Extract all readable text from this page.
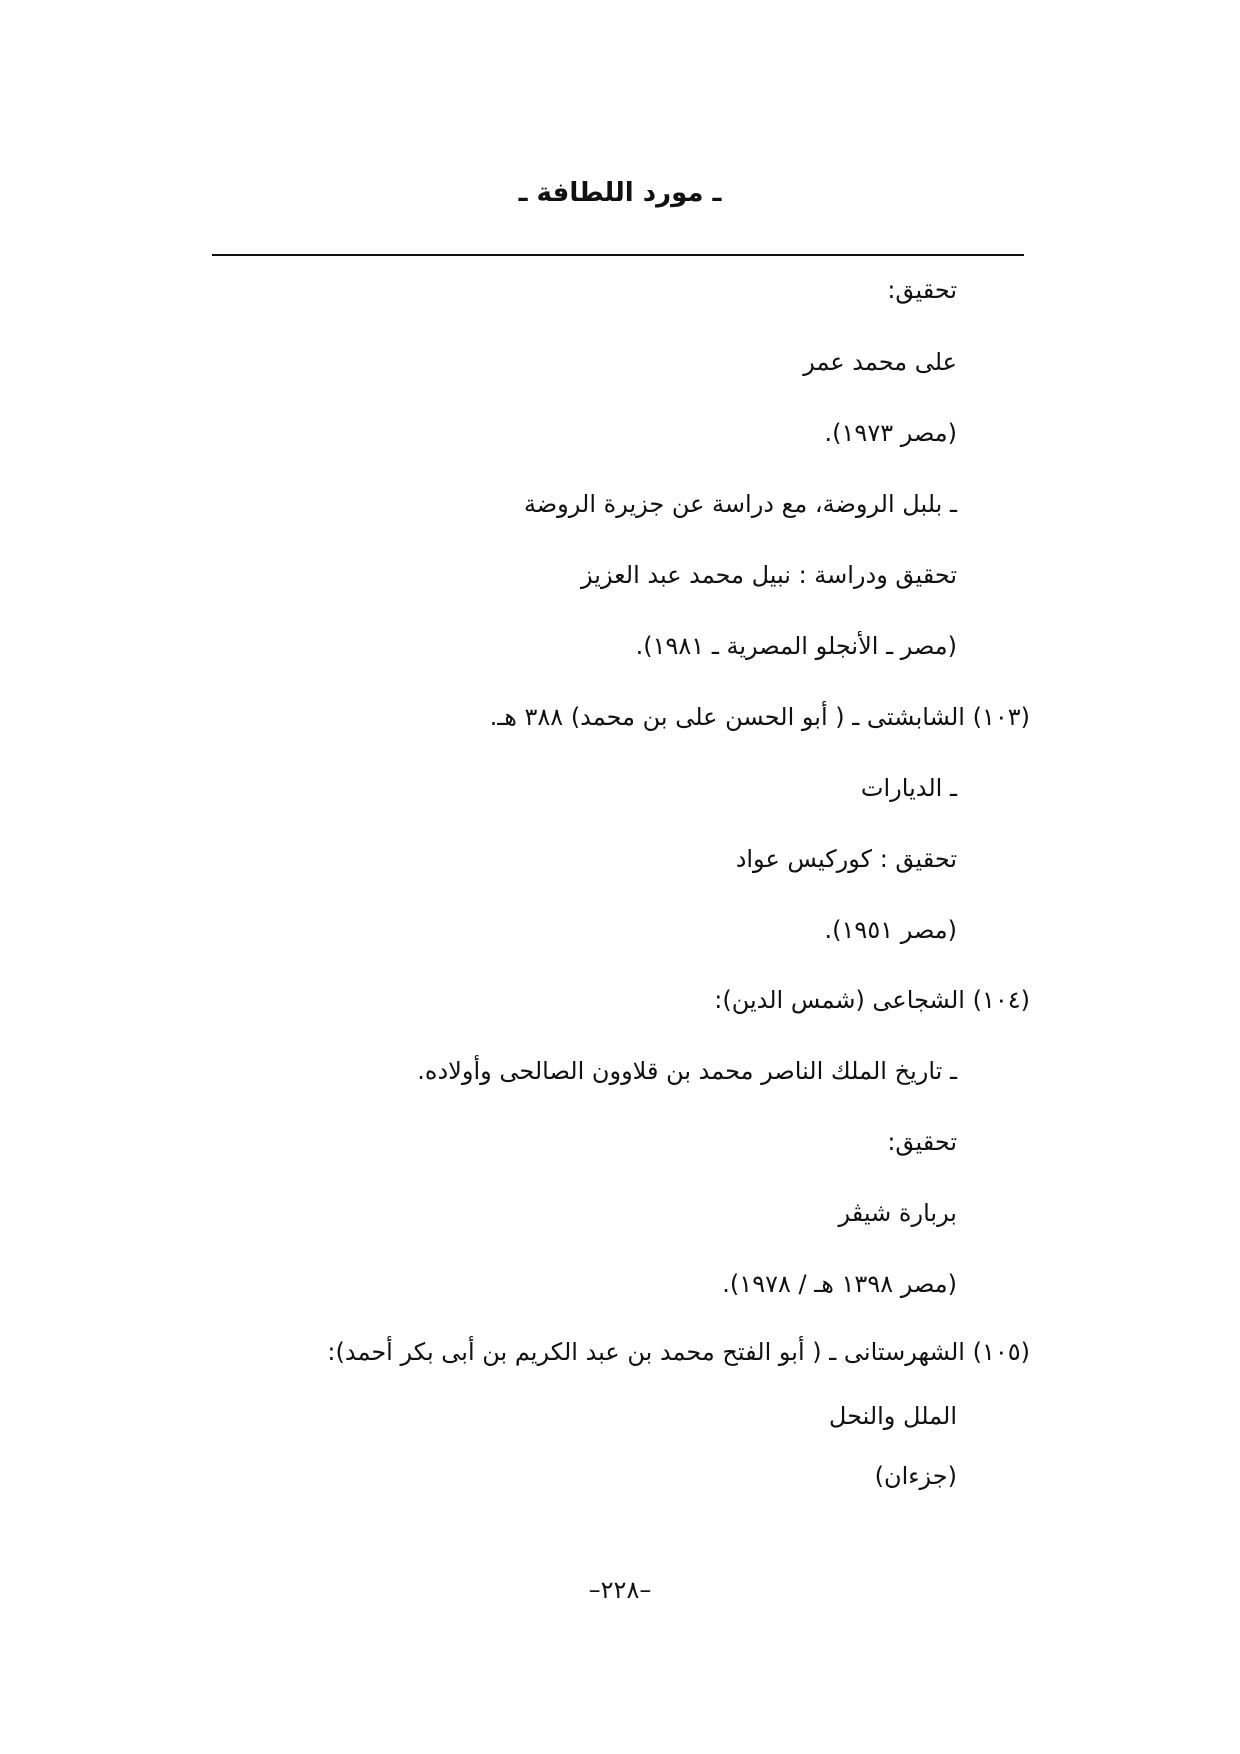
ـ مورد اللطافة ـ
تحقيق:
على محمد عمر
(مصر ١٩٧٣).
ـ بلبل الروضة، مع دراسة عن جزيرة الروضة
تحقيق ودراسة : نبيل محمد عبد العزيز
(مصر ـ الأنجلو المصرية ـ ١٩٨١).
(١٠٣) الشابشتى ـ ( أبو الحسن على بن محمد) ٣٨٨ هـ.
ـ الديارات
تحقيق : كوركيس عواد
(مصر ١٩٥١).
(١٠٤) الشجاعى (شمس الدين):
ـ تاريخ الملك الناصر محمد بن قلاوون الصالحى وأولاده.
تحقيق:
بربارة شيڤر
(مصر ١٣٩٨ هـ / ١٩٧٨).
(١٠٥) الشهرستانى ـ ( أبو الفتح محمد بن عبد الكريم بن أبى بكر أحمد):
الملل والنحل
(جزءان)
–٢٢٨–
